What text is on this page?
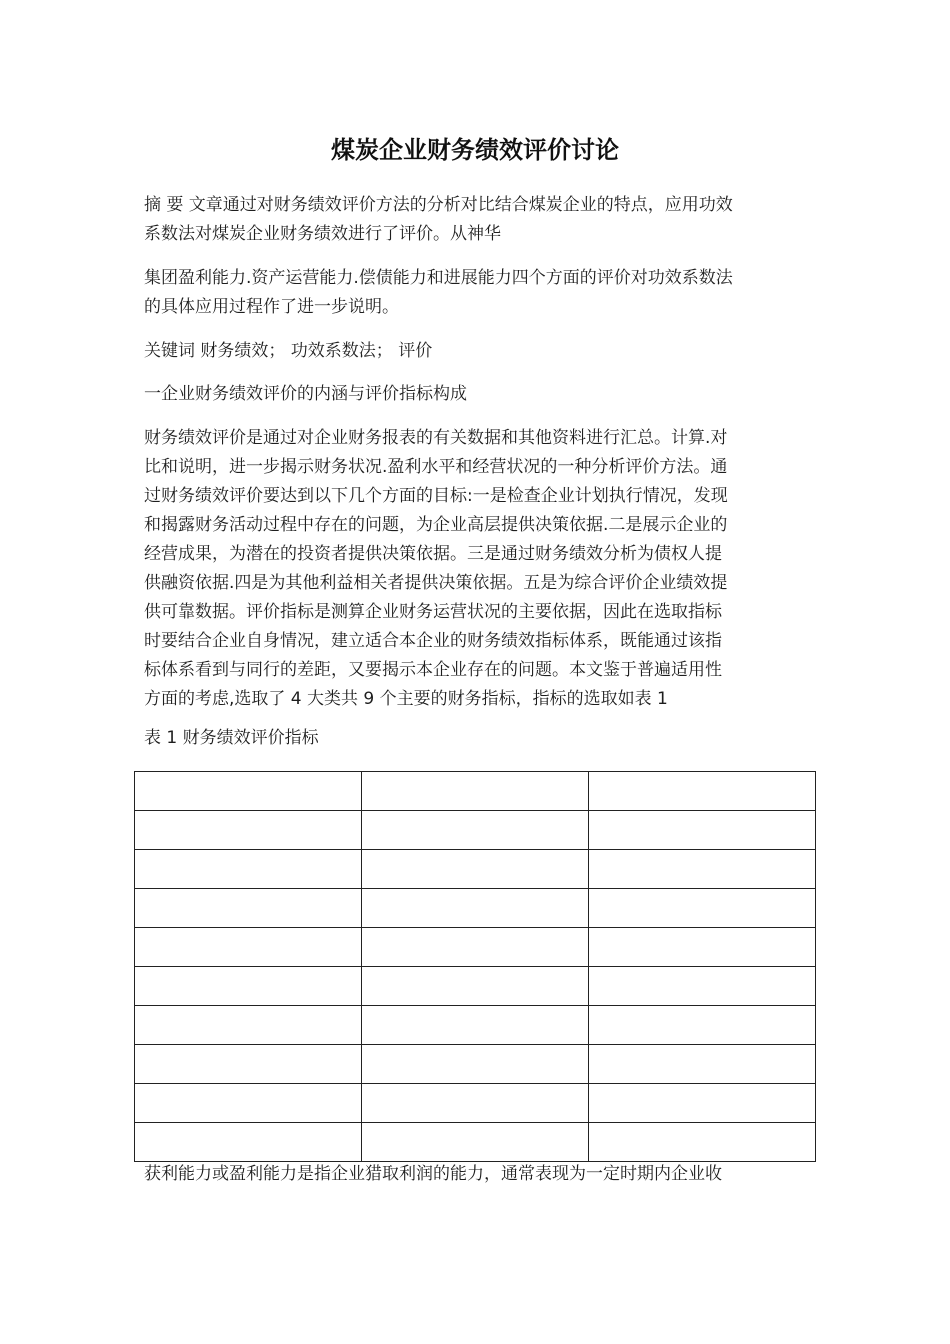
煤炭企业财务绩效评价讨论
摘 要 文章通过对财务绩效评价方法的分析对比结合煤炭企业的特点，应用功效
系数法对煤炭企业财务绩效进行了评价。从神华
集团盈利能力.资产运营能力.偿债能力和进展能力四个方面的评价对功效系数法
的具体应用过程作了进一步说明。
关键词 财务绩效； 功效系数法； 评价
一企业财务绩效评价的内涵与评价指标构成
财务绩效评价是通过对企业财务报表的有关数据和其他资料进行汇总。计算.对
比和说明，进一步揭示财务状况.盈利水平和经营状况的一种分析评价方法。通
过财务绩效评价要达到以下几个方面的目标:一是检查企业计划执行情况，发现
和揭露财务活动过程中存在的问题，为企业高层提供决策依据.二是展示企业的
经营成果，为潜在的投资者提供决策依据。三是通过财务绩效分析为债权人提
供融资依据.四是为其他利益相关者提供决策依据。五是为综合评价企业绩效提
供可靠数据。评价指标是测算企业财务运营状况的主要依据，因此在选取指标
时要结合企业自身情况，建立适合本企业的财务绩效指标体系，既能通过该指
标体系看到与同行的差距，又要揭示本企业存在的问题。本文鉴于普遍适用性
方面的考虑,选取了 4 大类共 9 个主要的财务指标，指标的选取如表 1
表 1 财务绩效评价指标

获利能力或盈利能力是指企业猎取利润的能力，通常表现为一定时期内企业收
